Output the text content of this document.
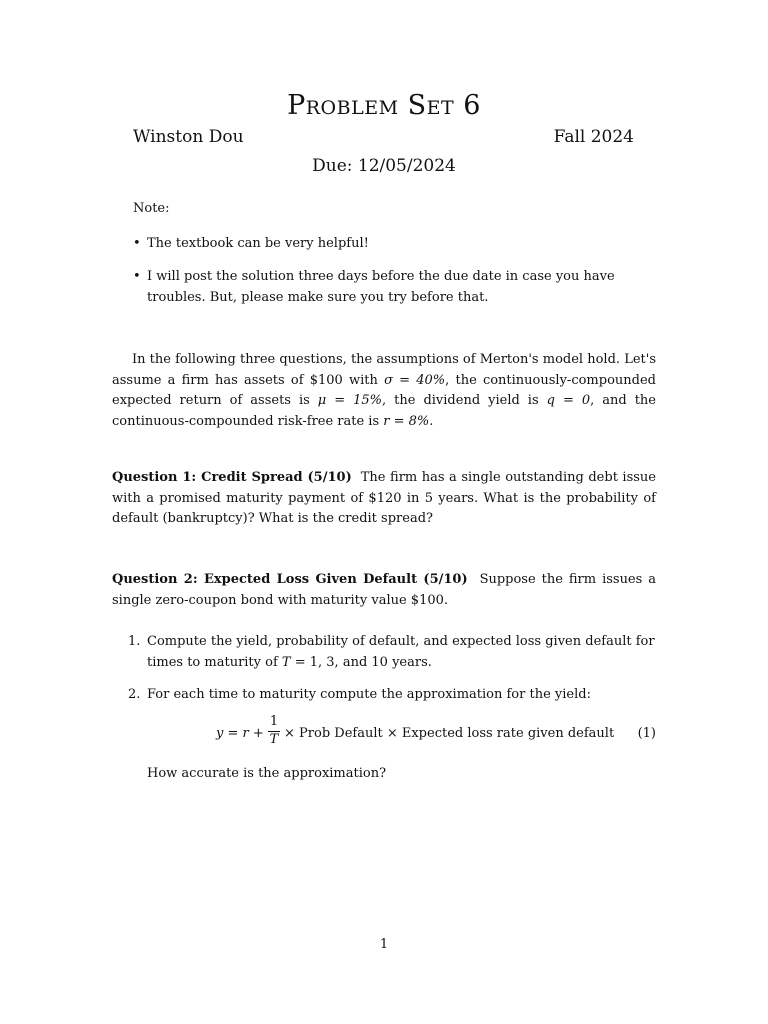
Problem Set 6
Winston Dou	Fall 2024
Due: 12/05/2024
Note:
• The textbook can be very helpful!
• I will post the solution three days before the due date in case you have troubles. But, please make sure you try before that.
In the following three questions, the assumptions of Merton's model hold. Let's assume a firm has assets of $100 with σ = 40%, the continuously-compounded expected return of assets is μ = 15%, the dividend yield is q = 0, and the continuous-compounded risk-free rate is r = 8%.
Question 1: Credit Spread (5/10) The firm has a single outstanding debt issue with a promised maturity payment of $120 in 5 years. What is the probability of default (bankruptcy)? What is the credit spread?
Question 2: Expected Loss Given Default (5/10) Suppose the firm issues a single zero-coupon bond with maturity value $100.
1. Compute the yield, probability of default, and expected loss given default for times to maturity of T = 1, 3, and 10 years.
2. For each time to maturity compute the approximation for the yield:
y = r +
1
T × Prob Default × Expected loss rate given default (1)
How accurate is the approximation?
1
